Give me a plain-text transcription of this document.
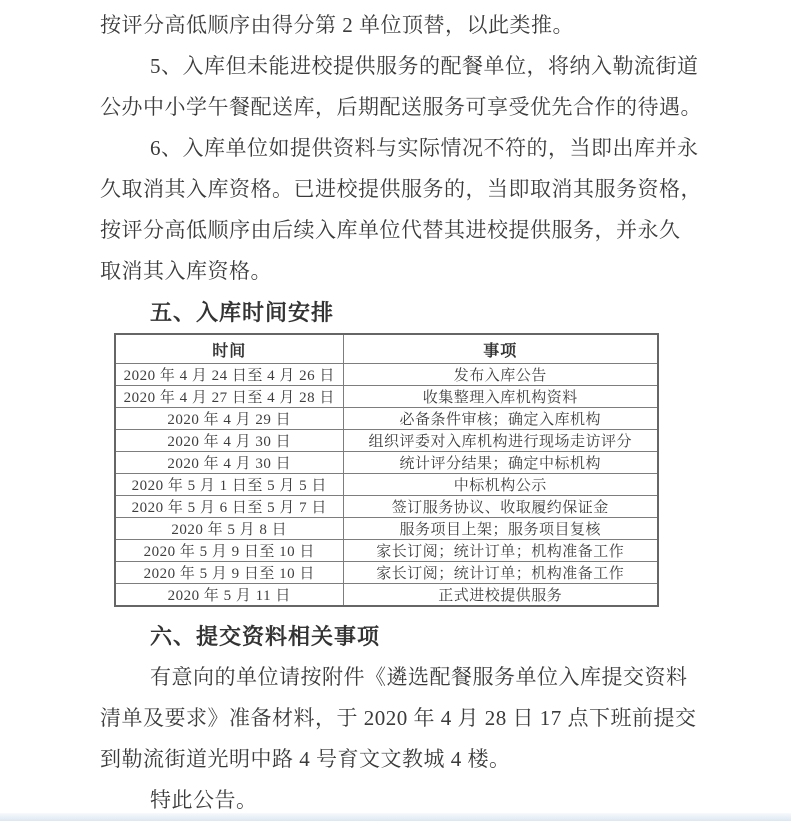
按评分高低顺序由得分第 2 单位顶替，以此类推。
5、入库但未能进校提供服务的配餐单位，将纳入勒流街道
公办中小学午餐配送库，后期配送服务可享受优先合作的待遇。
6、入库单位如提供资料与实际情况不符的，当即出库并永
久取消其入库资格。已进校提供服务的，当即取消其服务资格，
按评分高低顺序由后续入库单位代替其进校提供服务，并永久
取消其入库资格。
五、入库时间安排
时间	事项
2020 年 4 月 24 日至 4 月 26 日	发布入库公告
2020 年 4 月 27 日至 4 月 28 日	收集整理入库机构资料
2020 年 4 月 29 日	必备条件审核；确定入库机构
2020 年 4 月 30 日	组织评委对入库机构进行现场走访评分
2020 年 4 月 30 日	统计评分结果；确定中标机构
2020 年 5 月 1 日至 5 月 5 日	中标机构公示
2020 年 5 月 6 日至 5 月 7 日	签订服务协议、收取履约保证金
2020 年 5 月 8 日	服务项目上架；服务项目复核
2020 年 5 月 9 日至 10 日	家长订阅；统计订单；机构准备工作
2020 年 5 月 9 日至 10 日	家长订阅；统计订单；机构准备工作
2020 年 5 月 11 日	正式进校提供服务
六、提交资料相关事项
有意向的单位请按附件《遴选配餐服务单位入库提交资料
清单及要求》准备材料，于 2020 年 4 月 28 日 17 点下班前提交
到勒流街道光明中路 4 号育文文教城 4 楼。
特此公告。
